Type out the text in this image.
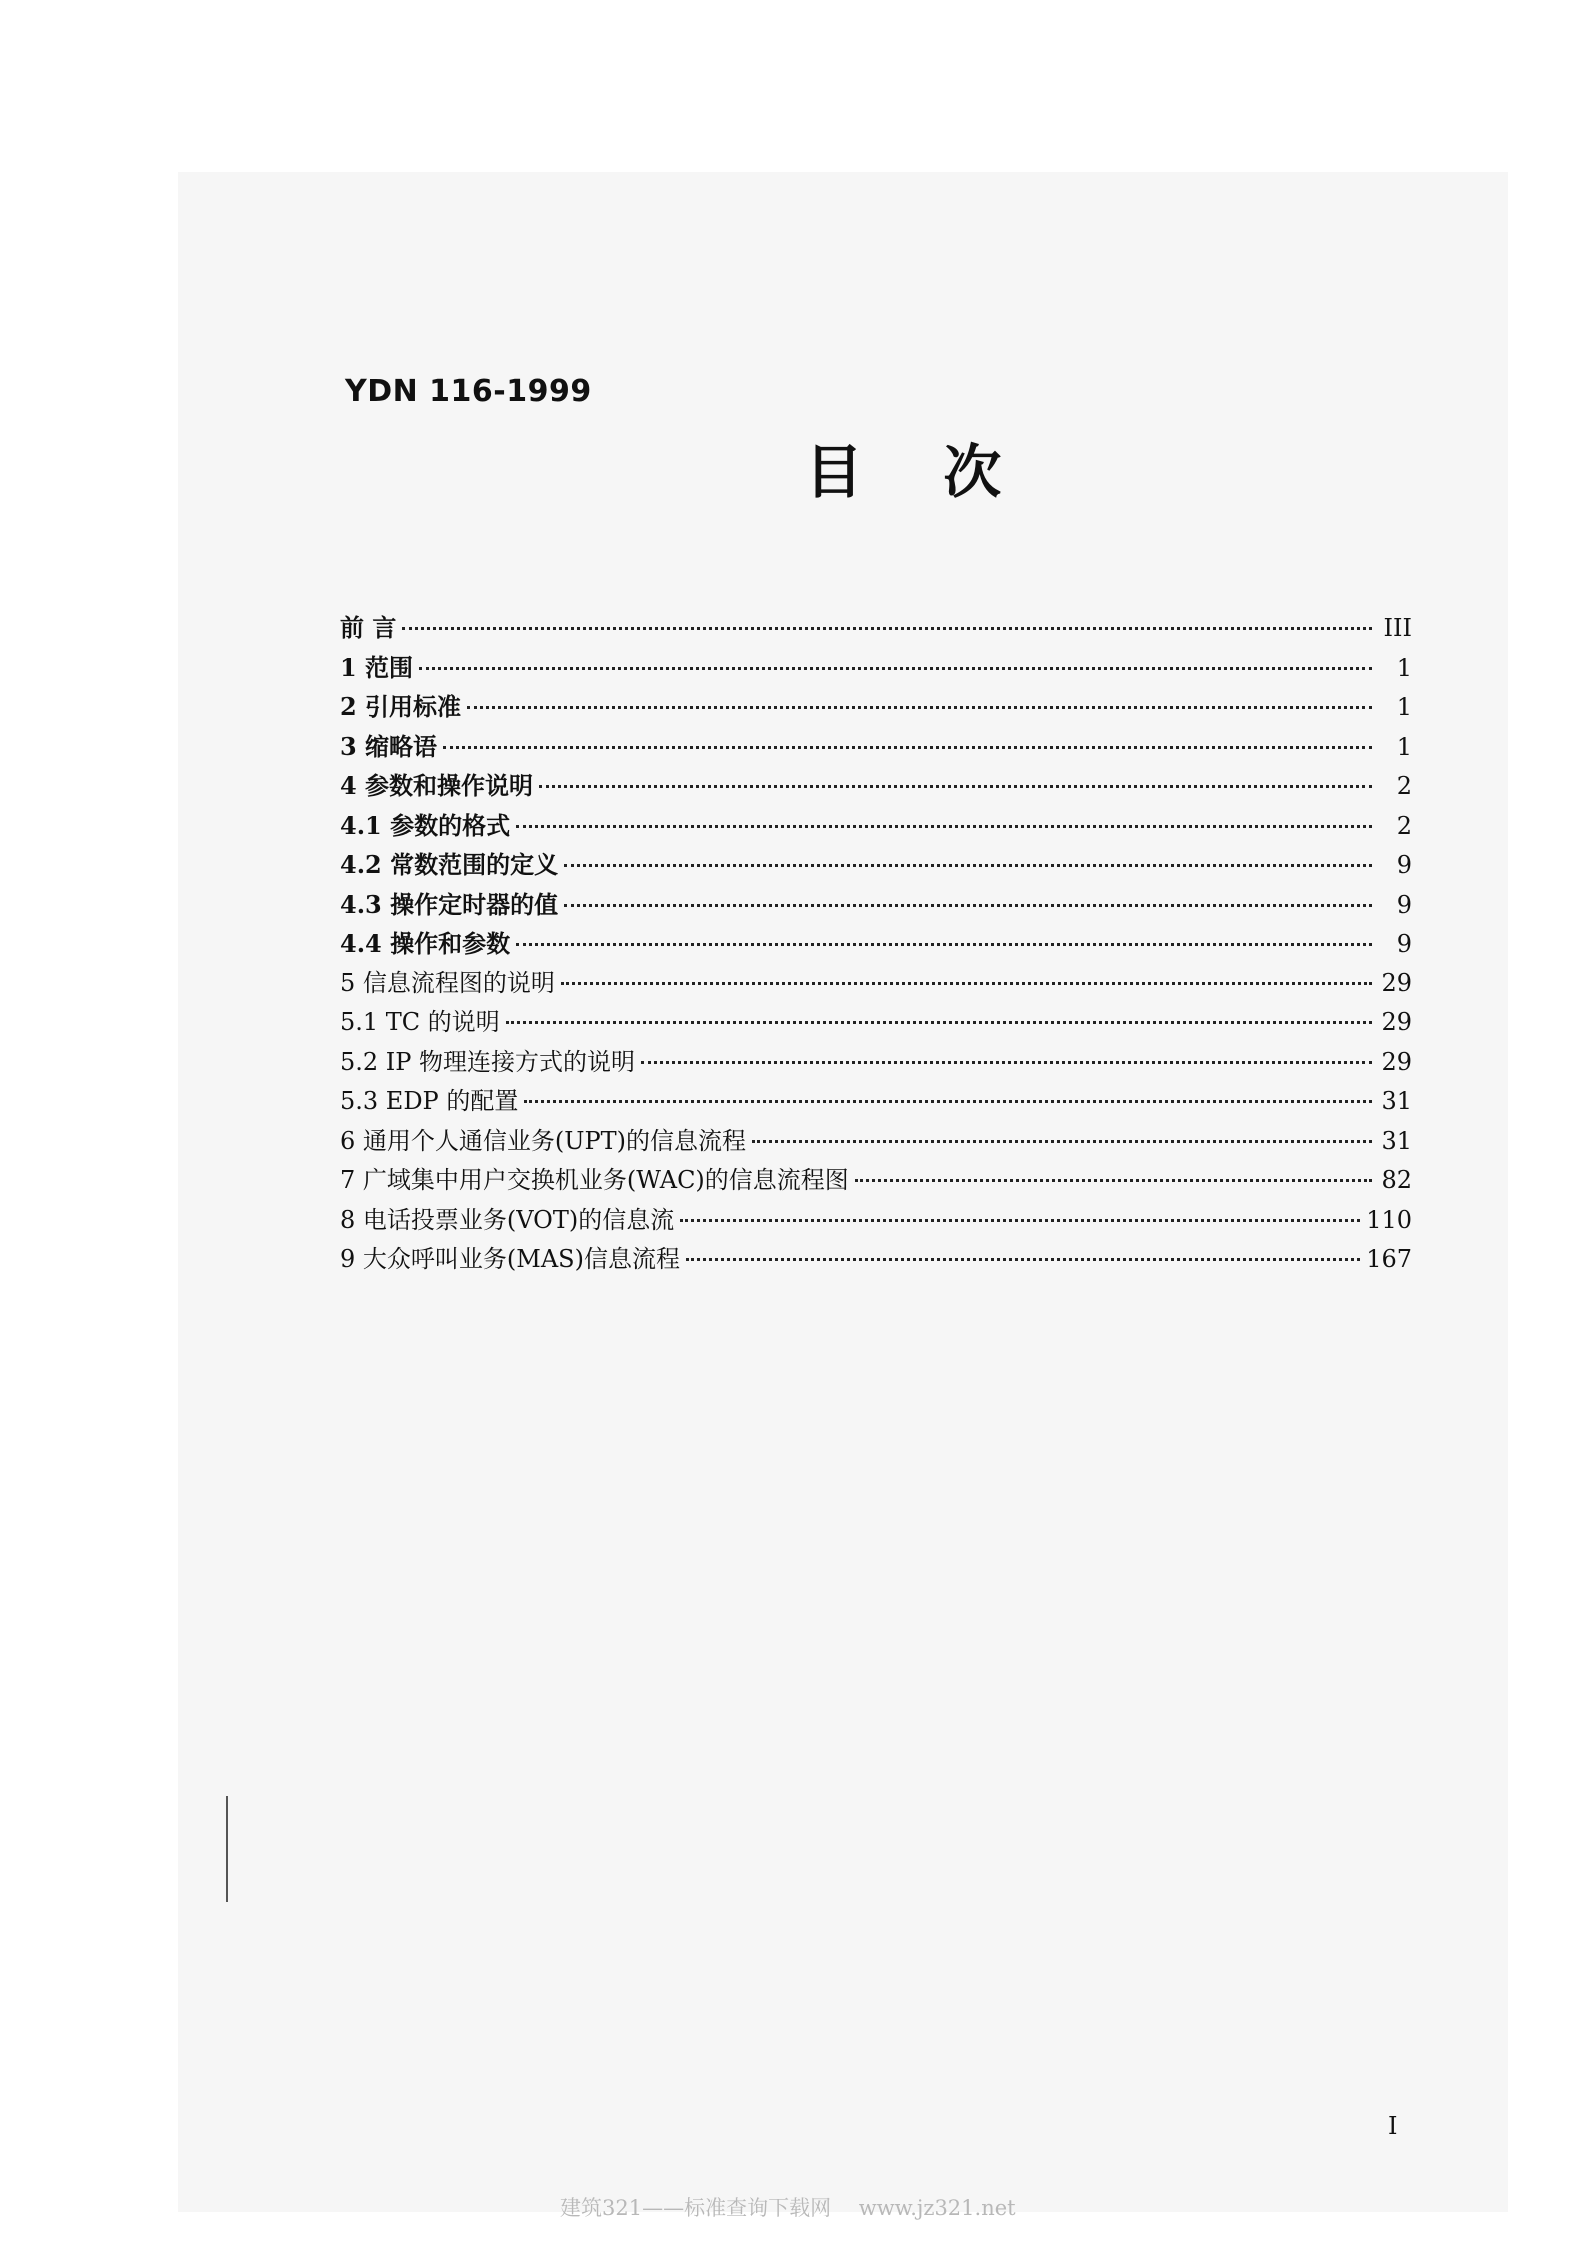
YDN 116-1999
目 次
前 言	III
1 范围	1
2 引用标准	1
3 缩略语	1
4 参数和操作说明	2
4.1 参数的格式	2
4.2 常数范围的定义	9
4.3 操作定时器的值	9
4.4 操作和参数	9
5 信息流程图的说明	29
5.1 TC 的说明	29
5.2 IP 物理连接方式的说明	29
5.3 EDP 的配置	31
6 通用个人通信业务(UPT)的信息流程	31
7 广域集中用户交换机业务(WAC)的信息流程图	82
8 电话投票业务(VOT)的信息流	110
9 大众呼叫业务(MAS)信息流程	167
I
建筑321——标准查询下载网　 www.jz321.net
